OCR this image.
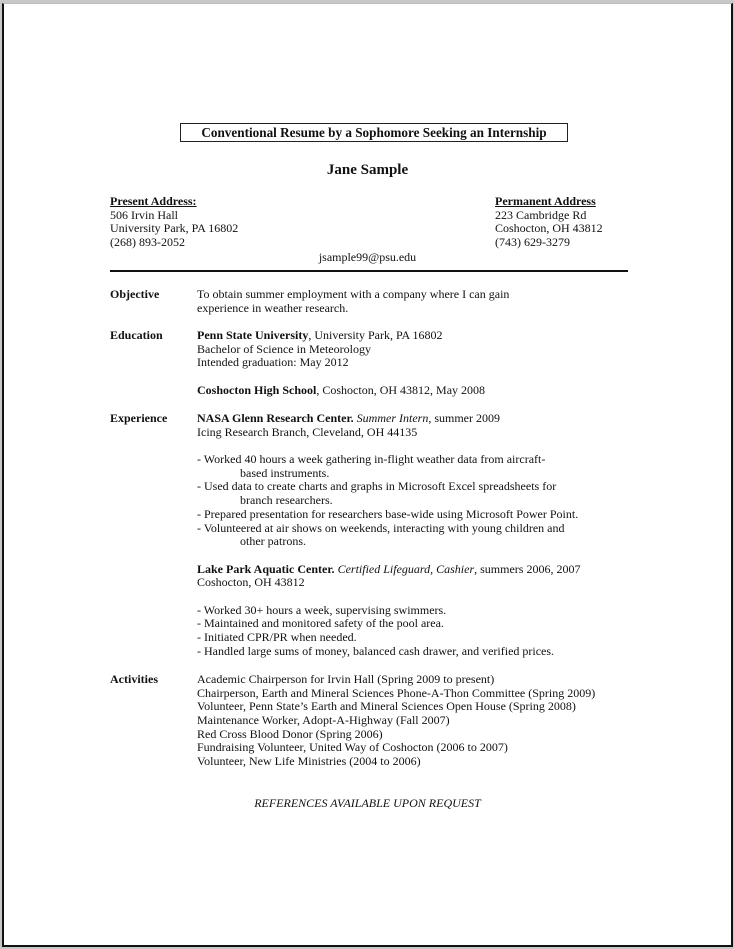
Conventional Resume by a Sophomore Seeking an Internship
Jane Sample
Present Address:
506 Irvin Hall
University Park, PA 16802
(268) 893-2052
Permanent Address
223 Cambridge Rd
Coshocton, OH 43812
(743) 629-3279
jsample99@psu.edu
Objective	To obtain summer employment with a company where I can gain
experience in weather research.
Education	Penn State University, University Park, PA 16802
Bachelor of Science in Meteorology
Intended graduation: May 2012
Coshocton High School, Coshocton, OH 43812, May 2008
Experience NASA Glenn Research Center. Summer Intern, summer 2009
Icing Research Branch, Cleveland, OH 44135
- Worked 40 hours a week gathering in-flight weather data from aircraft-
based instruments.
- Used data to create charts and graphs in Microsoft Excel spreadsheets for
branch researchers.
- Prepared presentation for researchers base-wide using Microsoft Power Point.
- Volunteered at air shows on weekends, interacting with young children and
other patrons.
Lake Park Aquatic Center. Certified Lifeguard, Cashier, summers 2006, 2007
Coshocton, OH 43812
- Worked 30+ hours a week, supervising swimmers.
- Maintained and monitored safety of the pool area.
- Initiated CPR/PR when needed.
- Handled large sums of money, balanced cash drawer, and verified prices.
Activities	Academic Chairperson for Irvin Hall (Spring 2009 to present)
Chairperson, Earth and Mineral Sciences Phone-A-Thon Committee (Spring 2009)
Volunteer, Penn State’s Earth and Mineral Sciences Open House (Spring 2008)
Maintenance Worker, Adopt-A-Highway (Fall 2007)
Red Cross Blood Donor (Spring 2006)
Fundraising Volunteer, United Way of Coshocton (2006 to 2007)
Volunteer, New Life Ministries (2004 to 2006)
REFERENCES AVAILABLE UPON REQUEST
